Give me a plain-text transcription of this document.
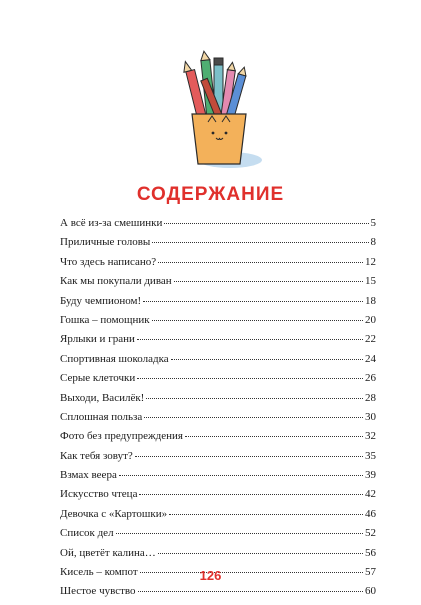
СОДЕРЖАНИЕ
А всё из-за смешинки	5
Приличные головы	8
Что здесь написано?	12
Как мы покупали диван	15
Буду чемпионом!	18
Гошка – помощник	20
Ярлыки и грани	22
Спортивная шоколадка	24
Серые клеточки	26
Выходи, Василёк!	28
Сплошная польза	30
Фото без предупреждения	32
Как тебя зовут?	35
Взмах веера	39
Искусство чтеца	42
Девочка с «Картошки»	46
Список дел	52
Ой, цветёт калина…	56
Кисель – компот	57
Шестое чувство	60
126
